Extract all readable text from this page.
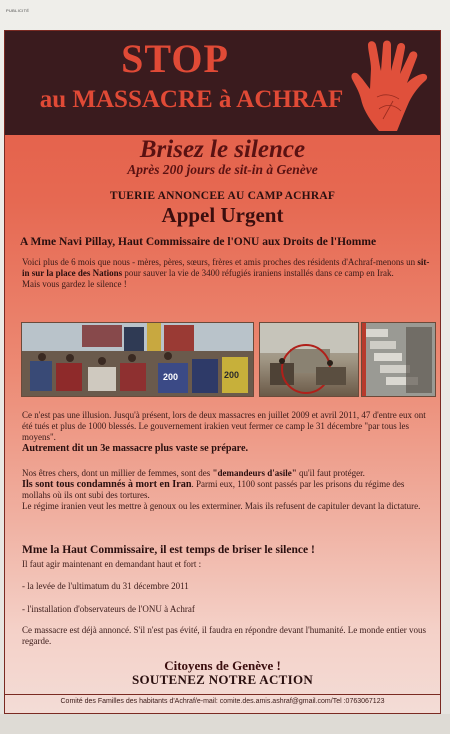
PUBLICITÉ
STOP
au MASSACRE à ACHRAF
Brisez le silence
Après 200 jours de sit-in à Genève
TUERIE ANNONCEE AU CAMP ACHRAF
Appel Urgent
A Mme Navi Pillay, Haut Commissaire de l'ONU aux Droits de l'Homme
Voici plus de 6 mois que nous - mères, pères, sœurs, frères et amis proches des résidents d'Achraf-menons un sit-in sur la place des Nations pour sauver la vie de 3400 réfugiés iraniens installés dans ce camp en Irak.
Mais vous gardez le silence !
200	200
Ce n'est pas une illusion. Jusqu'à présent, lors de deux massacres en juillet 2009 et avril 2011, 47 d'entre eux ont été tués et plus de 1000 blessés. Le gouvernement irakien veut fermer ce camp le 31 décembre "par tous les moyens".
Autrement dit un 3e massacre plus vaste se prépare.
Nos êtres chers, dont un millier de femmes, sont des "demandeurs d'asile" qu'il faut protéger.
Ils sont tous condamnés à mort en Iran. Parmi eux, 1100 sont passés par les prisons du régime des mollahs où ils ont subi des tortures.
Le régime iranien veut les mettre à genoux ou les exterminer. Mais ils refusent de capituler devant la dictature.
Mme la Haut Commissaire, il est temps de briser le silence !
Il faut agir maintenant en demandant haut et fort :
- la levée de l'ultimatum du 31 décembre 2011
- l'installation d'observateurs de l'ONU à Achraf
Ce massacre est déjà annoncé. S'il n'est pas évité, il faudra en répondre devant l'humanité. Le monde entier vous regarde.
Citoyens de Genève !
SOUTENEZ NOTRE ACTION
Comité des Familles des habitants d'Achraf/e-mail: comite.des.amis.ashraf@gmail.com/Tel :0763067123
